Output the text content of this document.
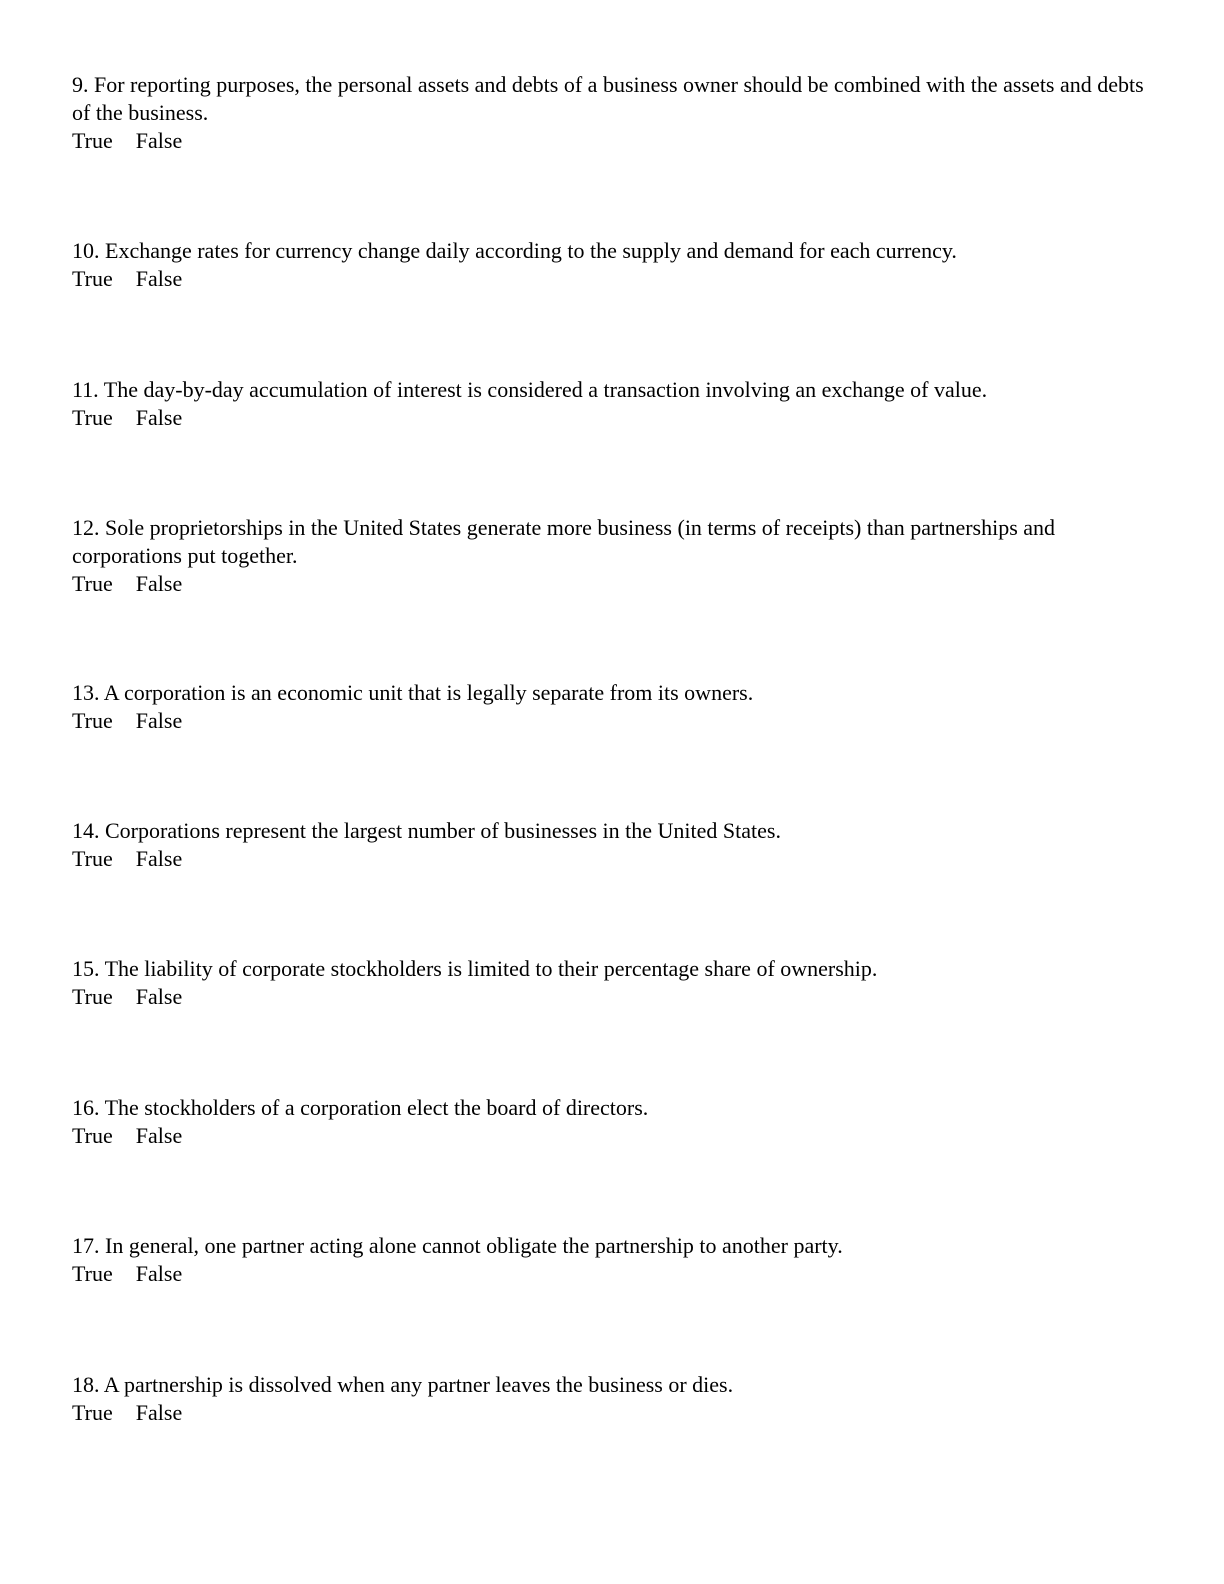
9. For reporting purposes, the personal assets and debts of a business owner should be combined with the assets and debts of the business.
True False
10. Exchange rates for currency change daily according to the supply and demand for each currency.
True False
11. The day-by-day accumulation of interest is considered a transaction involving an exchange of value.
True False
12. Sole proprietorships in the United States generate more business (in terms of receipts) than partnerships and corporations put together.
True False
13. A corporation is an economic unit that is legally separate from its owners.
True False
14. Corporations represent the largest number of businesses in the United States.
True False
15. The liability of corporate stockholders is limited to their percentage share of ownership.
True False
16. The stockholders of a corporation elect the board of directors.
True False
17. In general, one partner acting alone cannot obligate the partnership to another party.
True False
18. A partnership is dissolved when any partner leaves the business or dies.
True False
